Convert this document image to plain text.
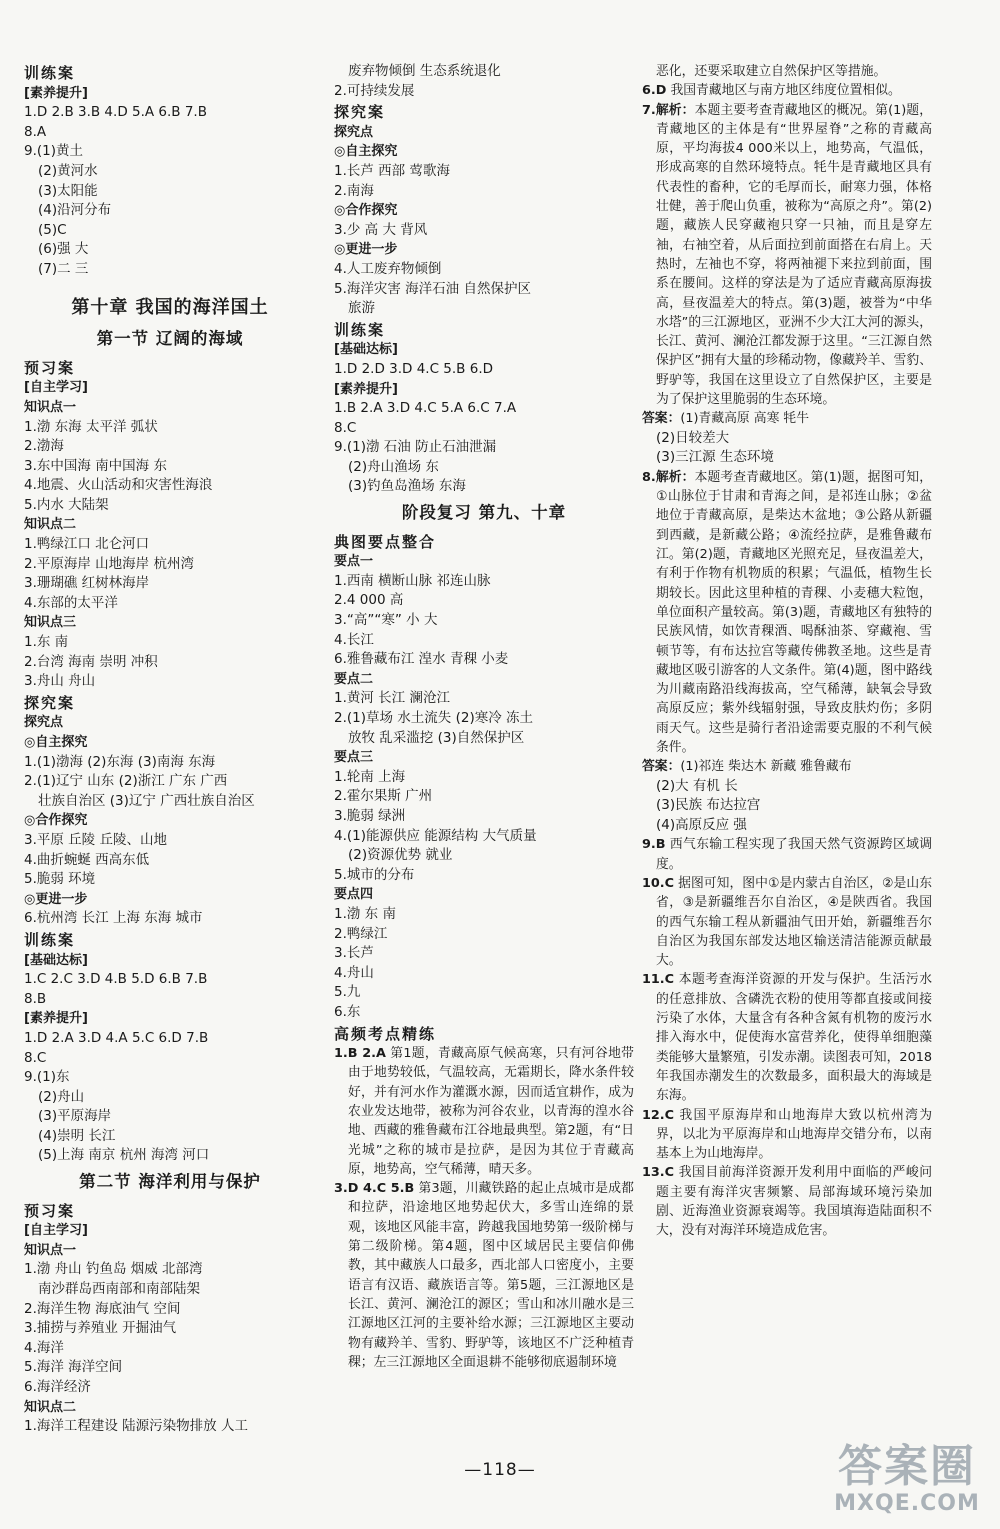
训练案
[素养提升]
1.D 2.B 3.B 4.D 5.A 6.B 7.B
8.A
9.(1)黄土
(2)黄河水
(3)太阳能
(4)沿河分布
(5)C
(6)强 大
(7)二 三
第十章 我国的海洋国土
第一节 辽阔的海域
预习案
[自主学习]
知识点一
1.渤 东海 太平洋 弧状
2.渤海
3.东中国海 南中国海 东
4.地震、火山活动和灾害性海浪
5.内水 大陆架
知识点二
1.鸭绿江口 北仑河口
2.平原海岸 山地海岸 杭州湾
3.珊瑚礁 红树林海岸
4.东部的太平洋
知识点三
1.东 南
2.台湾 海南 崇明 冲积
3.舟山 舟山
探究案
探究点
◎自主探究
1.(1)渤海 (2)东海 (3)南海 东海
2.(1)辽宁 山东 (2)浙江 广东 广西
壮族自治区 (3)辽宁 广西壮族自治区
◎合作探究
3.平原 丘陵 丘陵、山地
4.曲折蜿蜒 西高东低
5.脆弱 环境
◎更进一步
6.杭州湾 长江 上海 东海 城市
训练案
[基础达标]
1.C 2.C 3.D 4.B 5.D 6.B 7.B
8.B
[素养提升]
1.D 2.A 3.D 4.A 5.C 6.D 7.B
8.C
9.(1)东
(2)舟山
(3)平原海岸
(4)崇明 长江
(5)上海 南京 杭州 海湾 河口
第二节 海洋利用与保护
预习案
[自主学习]
知识点一
1.渤 舟山 钓鱼岛 烟威 北部湾
南沙群岛西南部和南部陆架
2.海洋生物 海底油气 空间
3.捕捞与养殖业 开掘油气
4.海洋
5.海洋 海洋空间
6.海洋经济
知识点二
1.海洋工程建设 陆源污染物排放 人工
废弃物倾倒 生态系统退化
2.可持续发展
探究案
探究点
◎自主探究
1.长芦 西部 莺歌海
2.南海
◎合作探究
3.少 高 大 背风
◎更进一步
4.人工废弃物倾倒
5.海洋灾害 海洋石油 自然保护区
旅游
训练案
[基础达标]
1.D 2.D 3.D 4.C 5.B 6.D
[素养提升]
1.B 2.A 3.D 4.C 5.A 6.C 7.A
8.C
9.(1)渤 石油 防止石油泄漏
(2)舟山渔场 东
(3)钓鱼岛渔场 东海
阶段复习 第九、十章
典图要点整合
要点一
1.西南 横断山脉 祁连山脉
2.4 000 高
3.“高”“寒” 小 大
4.长江
6.雅鲁藏布江 湟水 青稞 小麦
要点二
1.黄河 长江 澜沧江
2.(1)草场 水土流失 (2)寒冷 冻土
放牧 乱采滥挖 (3)自然保护区
要点三
1.轮南 上海
2.霍尔果斯 广州
3.脆弱 绿洲
4.(1)能源供应 能源结构 大气质量
(2)资源优势 就业
5.城市的分布
要点四
1.渤 东 南
2.鸭绿江
3.长芦
4.舟山
5.九
6.东
高频考点精练
1.B 2.A 第1题，青藏高原气候高寒，只有河谷地带由于地势较低，气温较高，无霜期长，降水条件较好，并有河水作为灌溉水源，因而适宜耕作，成为农业发达地带，被称为河谷农业，以青海的湟水谷地、西藏的雅鲁藏布江谷地最典型。第2题，有“日光城”之称的城市是拉萨，是因为其位于青藏高原，地势高，空气稀薄，晴天多。
3.D 4.C 5.B 第3题，川藏铁路的起止点城市是成都和拉萨，沿途地区地势起伏大，多雪山连绵的景观，该地区风能丰富，跨越我国地势第一级阶梯与第二级阶梯。第4题，图中区域居民主要信仰佛教，其中藏族人口最多，西北部人口密度小，主要语言有汉语、藏族语言等。第5题，三江源地区是长江、黄河、澜沧江的源区；雪山和冰川融水是三江源地区江河的主要补给水源；三江源地区主要动物有藏羚羊、雪豹、野驴等，该地区不广泛种植青稞；左三江源地区全面退耕不能够彻底遏制环境
恶化，还要采取建立自然保护区等措施。
6.D 我国青藏地区与南方地区纬度位置相似。
7.解析：本题主要考查青藏地区的概况。第(1)题，青藏地区的主体是有“世界屋脊”之称的青藏高原，平均海拔4 000米以上，地势高，气温低，形成高寒的自然环境特点。牦牛是青藏地区具有代表性的畜种，它的毛厚而长，耐寒力强，体格壮健，善于爬山负重，被称为“高原之舟”。第(2)题，藏族人民穿藏袍只穿一只袖，而且是穿左袖，右袖空着，从后面拉到前面搭在右肩上。天热时，左袖也不穿，将两袖褪下来拉到前面，围系在腰间。这样的穿法是为了适应青藏高原海拔高，昼夜温差大的特点。第(3)题，被誉为“中华水塔”的三江源地区，亚洲不少大江大河的源头，长江、黄河、澜沧江都发源于这里。“三江源自然保护区”拥有大量的珍稀动物，像藏羚羊、雪豹、野驴等，我国在这里设立了自然保护区，主要是为了保护这里脆弱的生态环境。
答案：(1)青藏高原 高寒 牦牛
(2)日较差大
(3)三江源 生态环境
8.解析：本题考查青藏地区。第(1)题，据图可知，①山脉位于甘肃和青海之间，是祁连山脉；②盆地位于青藏高原，是柴达木盆地；③公路从新疆到西藏，是新藏公路；④流经拉萨，是雅鲁藏布江。第(2)题，青藏地区光照充足，昼夜温差大，有利于作物有机物质的积累；气温低，植物生长期较长。因此这里种植的青稞、小麦穗大粒饱，单位面积产量较高。第(3)题，青藏地区有独特的民族风情，如饮青稞酒、喝酥油茶、穿藏袍、雪顿节等，有布达拉宫等藏传佛教圣地。这些是青藏地区吸引游客的人文条件。第(4)题，图中路线为川藏南路沿线海拔高，空气稀薄，缺氧会导致高原反应；紫外线辐射强，导致皮肤灼伤；多阴雨天气。这些是骑行者沿途需要克服的不利气候条件。
答案：(1)祁连 柴达木 新藏 雅鲁藏布
(2)大 有机 长
(3)民族 布达拉宫
(4)高原反应 强
9.B 西气东输工程实现了我国天然气资源跨区域调度。
10.C 据图可知，图中①是内蒙古自治区，②是山东省，③是新疆维吾尔自治区，④是陕西省。我国的西气东输工程从新疆油气田开始，新疆维吾尔自治区为我国东部发达地区输送清洁能源贡献最大。
11.C 本题考查海洋资源的开发与保护。生活污水的任意排放、含磷洗衣粉的使用等都直接或间接污染了水体，大量含有各种含氮有机物的废污水排入海水中，促使海水富营养化，使得单细胞藻类能够大量繁殖，引发赤潮。读图表可知，2018年我国赤潮发生的次数最多，面积最大的海域是东海。
12.C 我国平原海岸和山地海岸大致以杭州湾为界，以北为平原海岸和山地海岸交错分布，以南基本上为山地海岸。
13.C 我国目前海洋资源开发利用中面临的严峻问题主要有海洋灾害频繁、局部海域环境污染加剧、近海渔业资源衰竭等。我国填海造陆面积不大，没有对海洋环境造成危害。
—118—	答案圈
MXQE.COM
